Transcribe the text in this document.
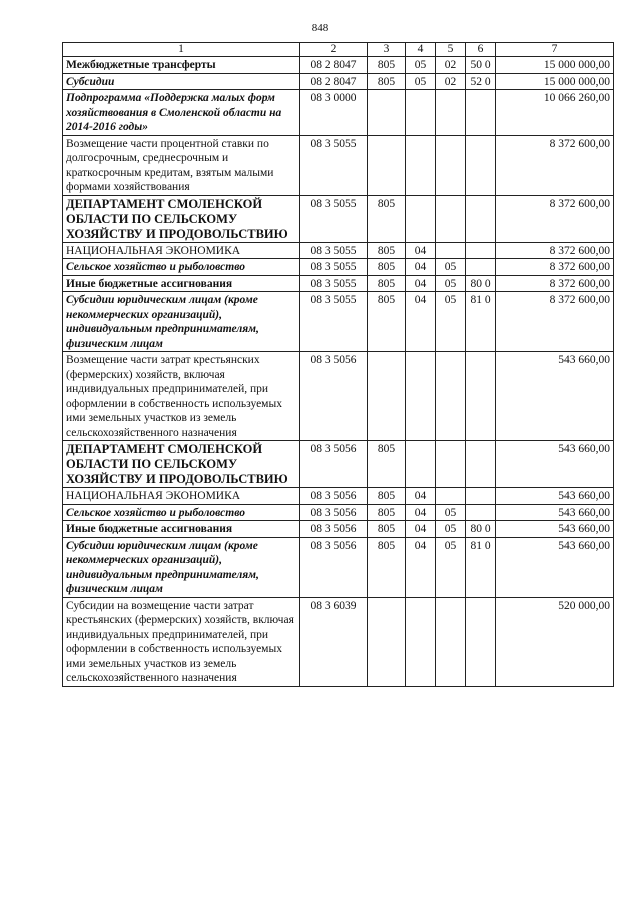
848
1	2	3	4	5	6	7
Межбюджетные трансферты	08 2 8047	805	05	02	50 0	15 000 000,00
Субсидии	08 2 8047	805	05	02	52 0	15 000 000,00
Подпрограмма «Поддержка малых форм хозяйствования в Смоленской области на 2014-2016 годы»	08 3 0000					10 066 260,00
Возмещение части процентной ставки по долгосрочным, среднесрочным и краткосрочным кредитам, взятым малыми формами хозяйствования	08 3 5055					8 372 600,00
ДЕПАРТАМЕНТ СМОЛЕНСКОЙ ОБЛАСТИ ПО СЕЛЬСКОМУ ХОЗЯЙСТВУ И ПРОДОВОЛЬСТВИЮ	08 3 5055	805				8 372 600,00
НАЦИОНАЛЬНАЯ ЭКОНОМИКА	08 3 5055	805	04			8 372 600,00
Сельское хозяйство и рыболовство	08 3 5055	805	04	05		8 372 600,00
Иные бюджетные ассигнования	08 3 5055	805	04	05	80 0	8 372 600,00
Субсидии юридическим лицам (кроме некоммерческих организаций), индивидуальным предпринимателям, физическим лицам	08 3 5055	805	04	05	81 0	8 372 600,00
Возмещение части затрат крестьянских (фермерских) хозяйств, включая индивидуальных предпринимателей, при оформлении в собственность используемых ими земельных участков из земель сельскохозяйственного назначения	08 3 5056					543 660,00
ДЕПАРТАМЕНТ СМОЛЕНСКОЙ ОБЛАСТИ ПО СЕЛЬСКОМУ ХОЗЯЙСТВУ И ПРОДОВОЛЬСТВИЮ	08 3 5056	805				543 660,00
НАЦИОНАЛЬНАЯ ЭКОНОМИКА	08 3 5056	805	04			543 660,00
Сельское хозяйство и рыболовство	08 3 5056	805	04	05		543 660,00
Иные бюджетные ассигнования	08 3 5056	805	04	05	80 0	543 660,00
Субсидии юридическим лицам (кроме некоммерческих организаций), индивидуальным предпринимателям, физическим лицам	08 3 5056	805	04	05	81 0	543 660,00
Субсидии на возмещение части затрат крестьянских (фермерских) хозяйств, включая индивидуальных предпринимателей, при оформлении в собственность используемых ими земельных участков из земель сельскохозяйственного назначения	08 3 6039					520 000,00
